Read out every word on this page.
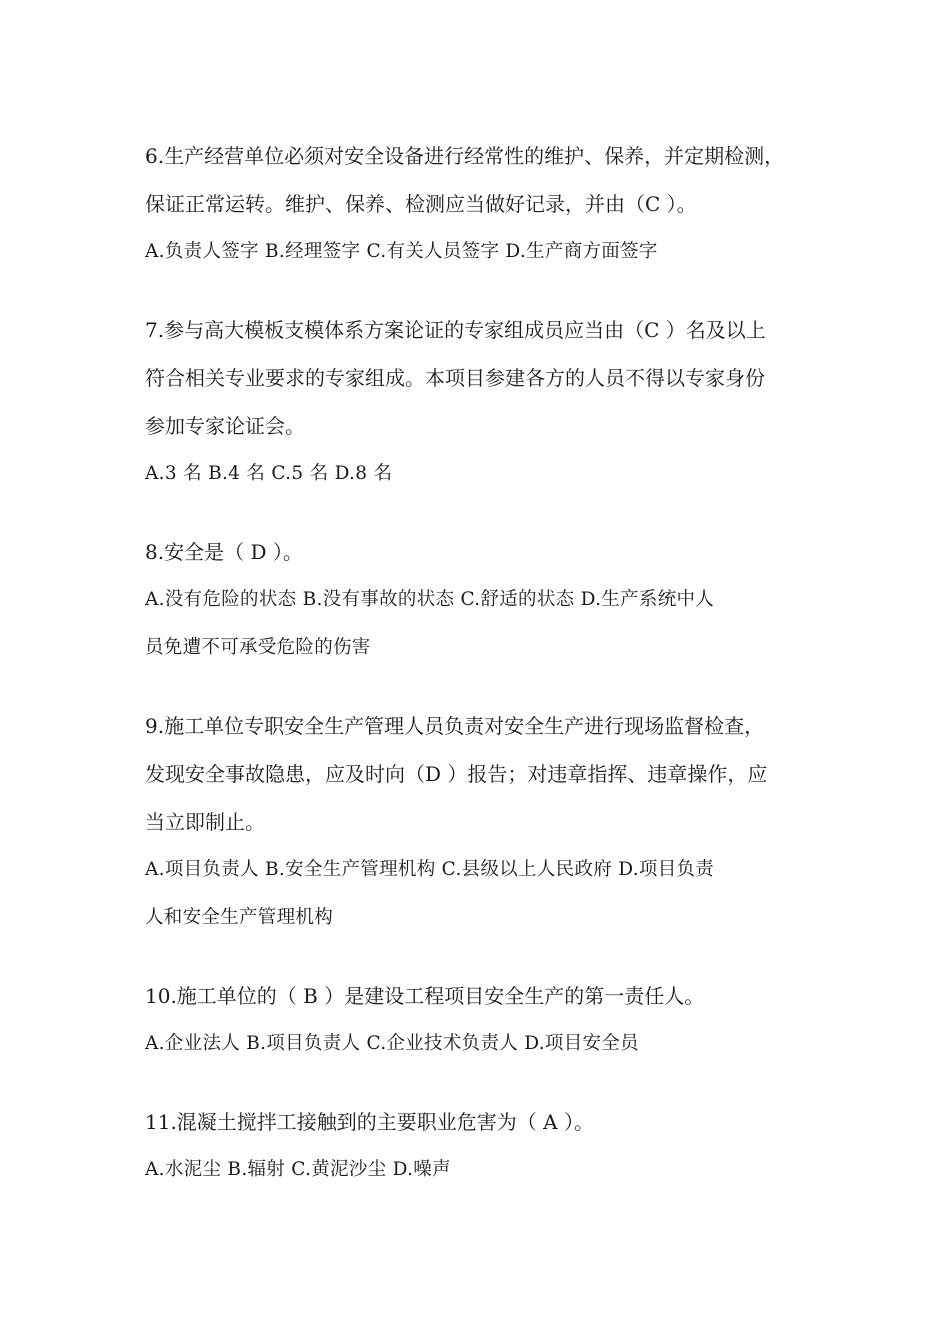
6.生产经营单位必须对安全设备进行经常性的维护、保养，并定期检测，

保证正常运转。维护、保养、检测应当做好记录，并由（C ）。

A.负责人签字 B.经理签字 C.有关人员签字 D.生产商方面签字

7.参与高大模板支模体系方案论证的专家组成员应当由（C ）名及以上

符合相关专业要求的专家组成。本项目参建各方的人员不得以专家身份

参加专家论证会。

A.3 名 B.4 名 C.5 名 D.8 名

8.安全是（ D ）。

A.没有危险的状态 B.没有事故的状态 C.舒适的状态 D.生产系统中人

员免遭不可承受危险的伤害

9.施工单位专职安全生产管理人员负责对安全生产进行现场监督检查，

发现安全事故隐患，应及时向（D ）报告；对违章指挥、违章操作，应

当立即制止。

A.项目负责人 B.安全生产管理机构 C.县级以上人民政府 D.项目负责

人和安全生产管理机构

10.施工单位的（ B ）是建设工程项目安全生产的第一责任人。

A.企业法人 B.项目负责人 C.企业技术负责人 D.项目安全员

11.混凝土搅拌工接触到的主要职业危害为（ A ）。

A.水泥尘 B.辐射 C.黄泥沙尘 D.噪声
